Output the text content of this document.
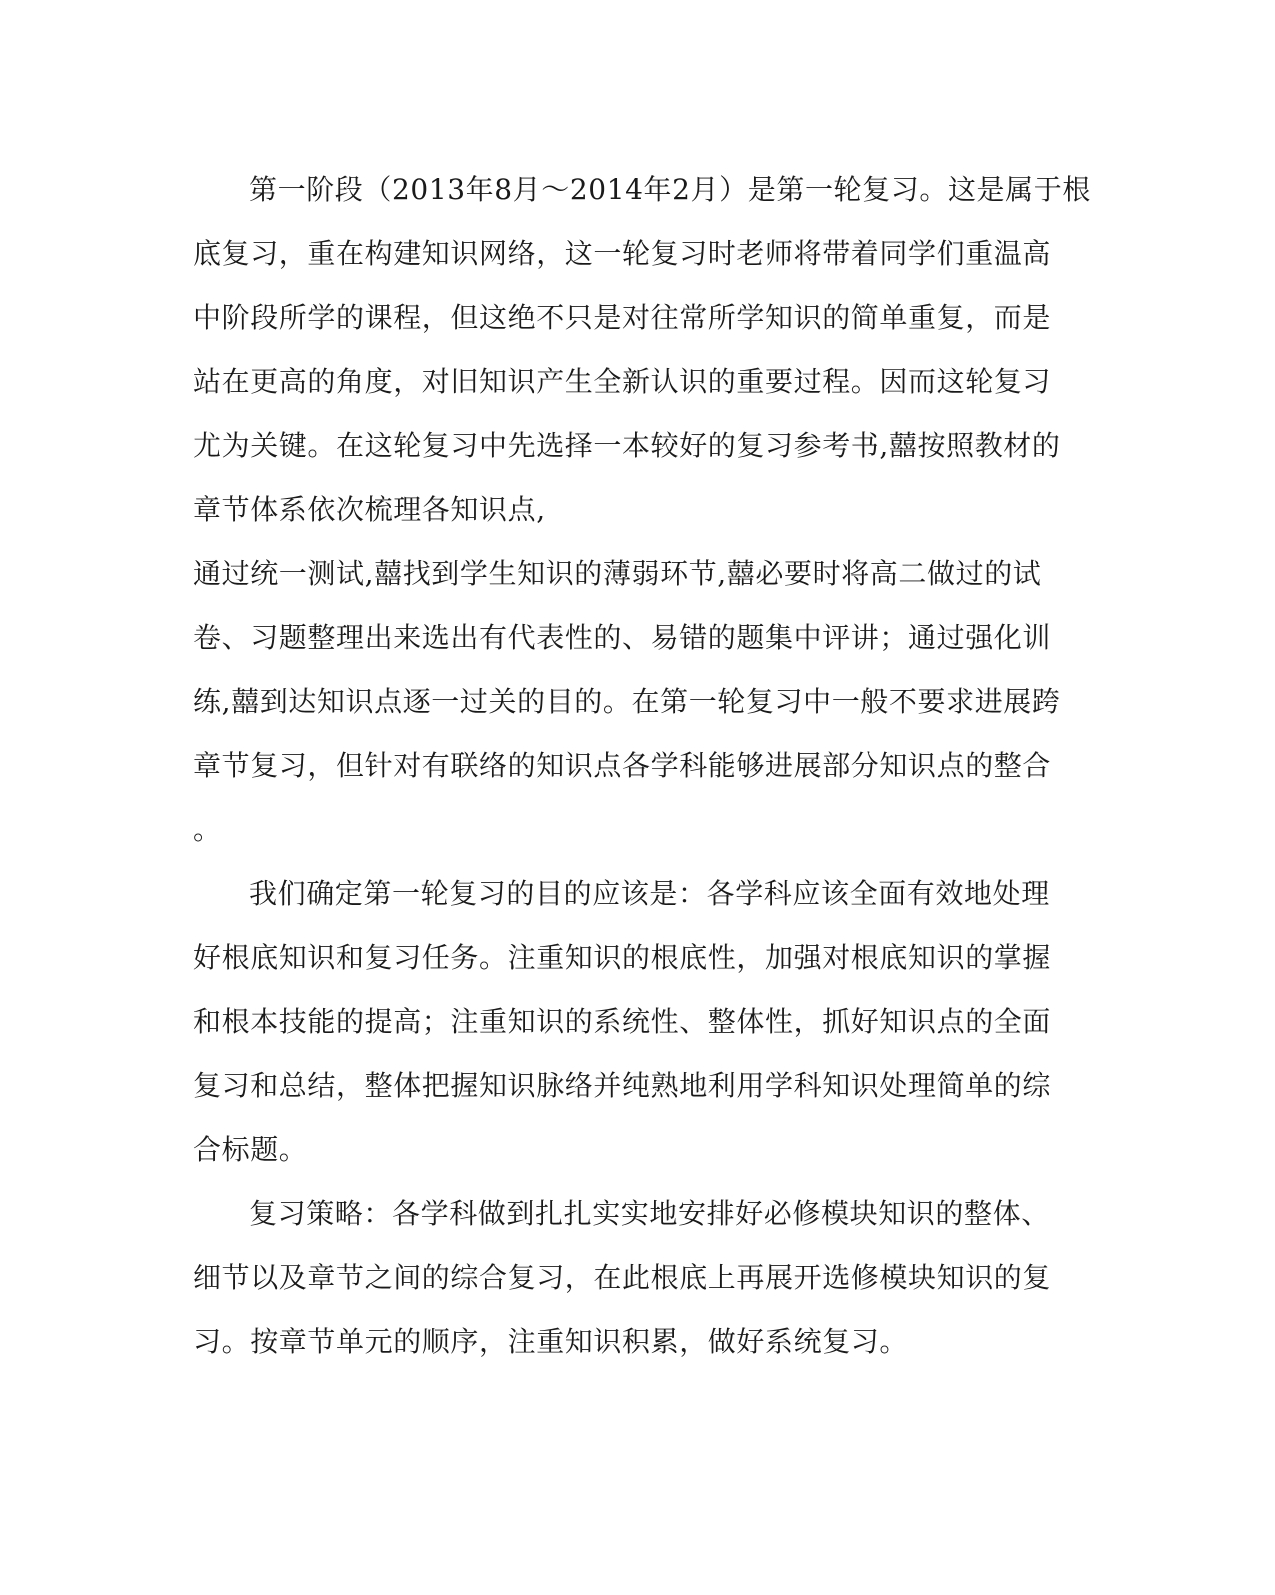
第一阶段（2013年8月～2014年2月）是第一轮复习。这是属于根
底复习，重在构建知识网络，这一轮复习时老师将带着同学们重温高
中阶段所学的课程，但这绝不只是对往常所学知识的简单重复，而是
站在更高的角度，对旧知识产生全新认识的重要过程。因而这轮复习
尤为关键。在这轮复习中先选择一本较好的复习参考书,囍按照教材的
章节体系依次梳理各知识点,
通过统一测试,囍找到学生知识的薄弱环节,囍必要时将高二做过的试
卷、习题整理出来选出有代表性的、易错的题集中评讲；通过强化训
练,囍到达知识点逐一过关的目的。在第一轮复习中一般不要求进展跨
章节复习，但针对有联络的知识点各学科能够进展部分知识点的整合
。
我们确定第一轮复习的目的应该是：各学科应该全面有效地处理
好根底知识和复习任务。注重知识的根底性，加强对根底知识的掌握
和根本技能的提高；注重知识的系统性、整体性，抓好知识点的全面
复习和总结，整体把握知识脉络并纯熟地利用学科知识处理简单的综
合标题。
复习策略：各学科做到扎扎实实地安排好必修模块知识的整体、
细节以及章节之间的综合复习，在此根底上再展开选修模块知识的复
习。按章节单元的顺序，注重知识积累，做好系统复习。
